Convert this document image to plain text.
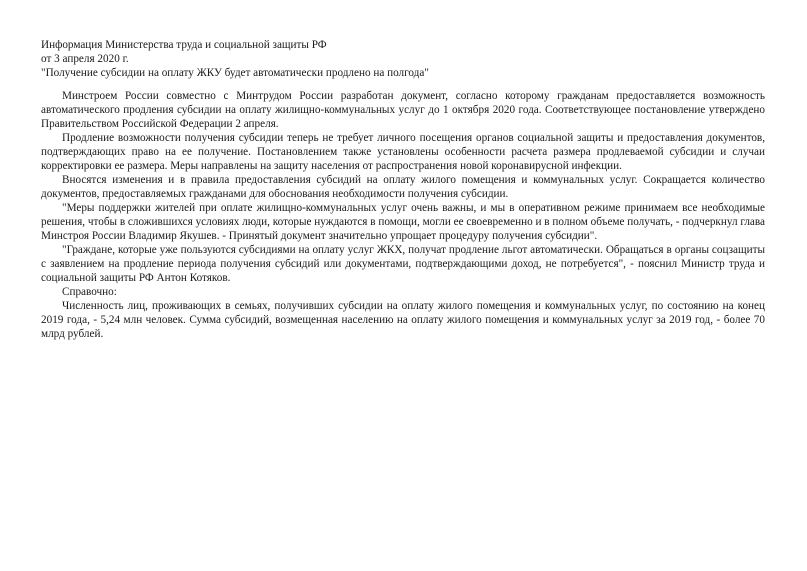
Информация Министерства труда и социальной защиты РФ
от 3 апреля 2020 г.
"Получение субсидии на оплату ЖКУ будет автоматически продлено на полгода"

Минстроем России совместно с Минтрудом России разработан документ, согласно которому гражданам предоставляется возможность автоматического продления субсидии на оплату жилищно-коммунальных услуг до 1 октября 2020 года. Соответствующее постановление утверждено Правительством Российской Федерации 2 апреля.

Продление возможности получения субсидии теперь не требует личного посещения органов социальной защиты и предоставления документов, подтверждающих право на ее получение. Постановлением также установлены особенности расчета размера продлеваемой субсидии и случаи корректировки ее размера. Меры направлены на защиту населения от распространения новой коронавирусной инфекции.

Вносятся изменения и в правила предоставления субсидий на оплату жилого помещения и коммунальных услуг. Сокращается количество документов, предоставляемых гражданами для обоснования необходимости получения субсидии.

"Меры поддержки жителей при оплате жилищно-коммунальных услуг очень важны, и мы в оперативном режиме принимаем все необходимые решения, чтобы в сложившихся условиях люди, которые нуждаются в помощи, могли ее своевременно и в полном объеме получать, - подчеркнул глава Минстроя России Владимир Якушев. - Принятый документ значительно упрощает процедуру получения субсидии".

"Граждане, которые уже пользуются субсидиями на оплату услуг ЖКХ, получат продление льгот автоматически. Обращаться в органы соцзащиты с заявлением на продление периода получения субсидий или документами, подтверждающими доход, не потребуется", - пояснил Министр труда и социальной защиты РФ Антон Котяков.

Справочно:

Численность лиц, проживающих в семьях, получивших субсидии на оплату жилого помещения и коммунальных услуг, по состоянию на конец 2019 года, - 5,24 млн человек. Сумма субсидий, возмещенная населению на оплату жилого помещения и коммунальных услуг за 2019 год, - более 70 млрд рублей.
